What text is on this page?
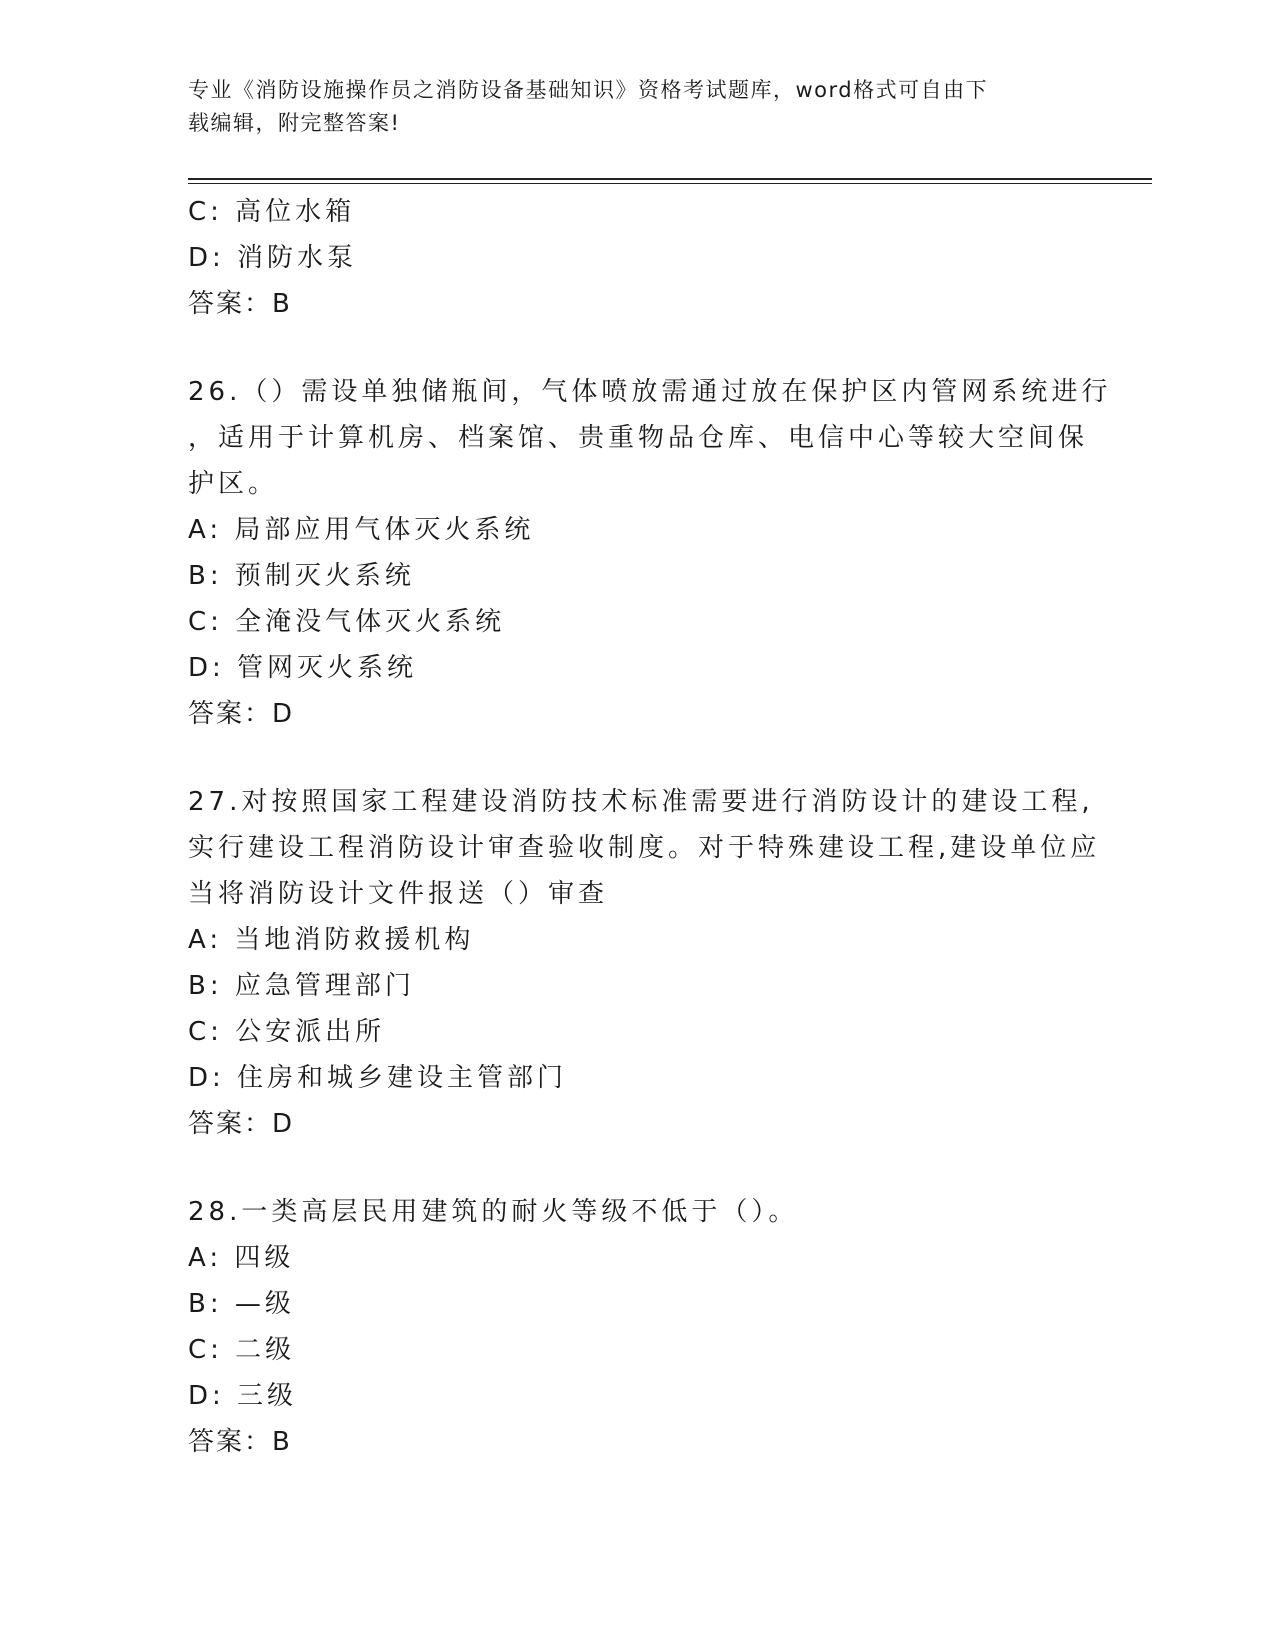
专业《消防设施操作员之消防设备基础知识》资格考试题库，word格式可自由下
载编辑，附完整答案!
C: 高位水箱
D: 消防水泵
答案：B
26.（）需设单独储瓶间，气体喷放需通过放在保护区内管网系统进行
，适用于计算机房、档案馆、贵重物品仓库、电信中心等较大空间保
护区。
A: 局部应用气体灭火系统
B: 预制灭火系统
C: 全淹没气体灭火系统
D: 管网灭火系统
答案：D
27.对按照国家工程建设消防技术标准需要进行消防设计的建设工程,
实行建设工程消防设计审查验收制度。对于特殊建设工程,建设单位应
当将消防设计文件报送（）审查
A: 当地消防救援机构
B: 应急管理部门
C: 公安派出所
D: 住房和城乡建设主管部门
答案：D
28.一类高层民用建筑的耐火等级不低于（）。
A: 四级
B: —级
C: 二级
D: 三级
答案：B
